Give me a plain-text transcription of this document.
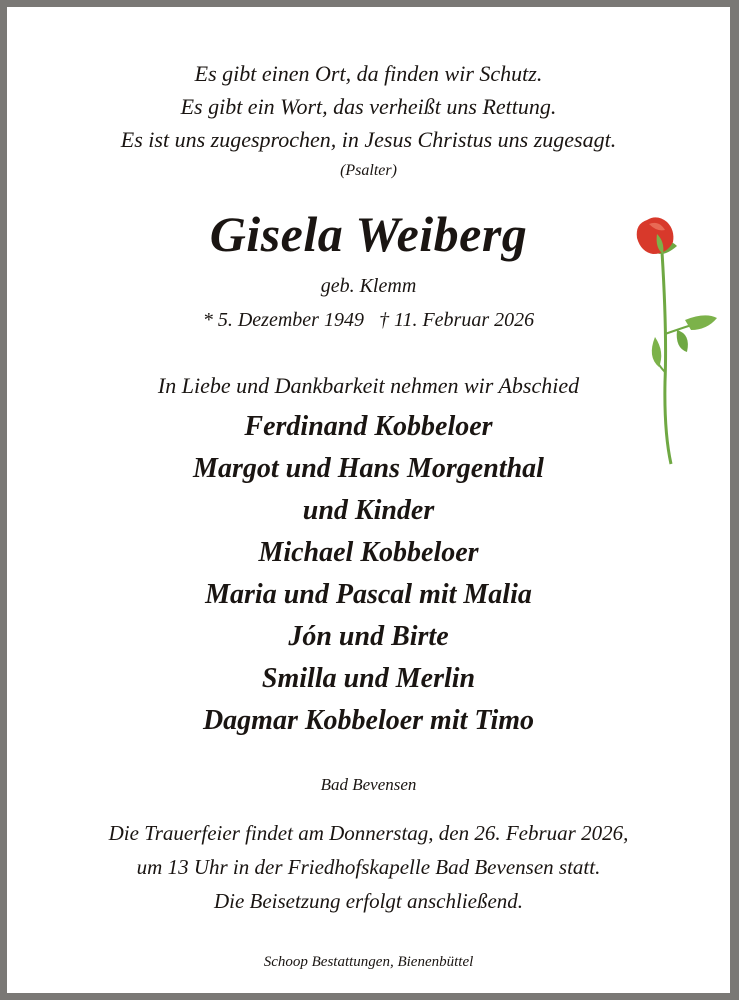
Es gibt einen Ort, da finden wir Schutz.
Es gibt ein Wort, das verheißt uns Rettung.
Es ist uns zugesprochen, in Jesus Christus uns zugesagt.
(Psalter)
Gisela Weiberg
geb. Klemm
* 5. Dezember 1949   † 11. Februar 2026
In Liebe und Dankbarkeit nehmen wir Abschied
Ferdinand Kobbeloer
Margot und Hans Morgenthal
und Kinder
Michael Kobbeloer
Maria und Pascal mit Malia
Jón und Birte
Smilla und Merlin
Dagmar Kobbeloer mit Timo
Bad Bevensen
Die Trauerfeier findet am Donnerstag, den 26. Februar 2026,
um 13 Uhr in der Friedhofskapelle Bad Bevensen statt.
Die Beisetzung erfolgt anschließend.
Schoop Bestattungen, Bienenbüttel
